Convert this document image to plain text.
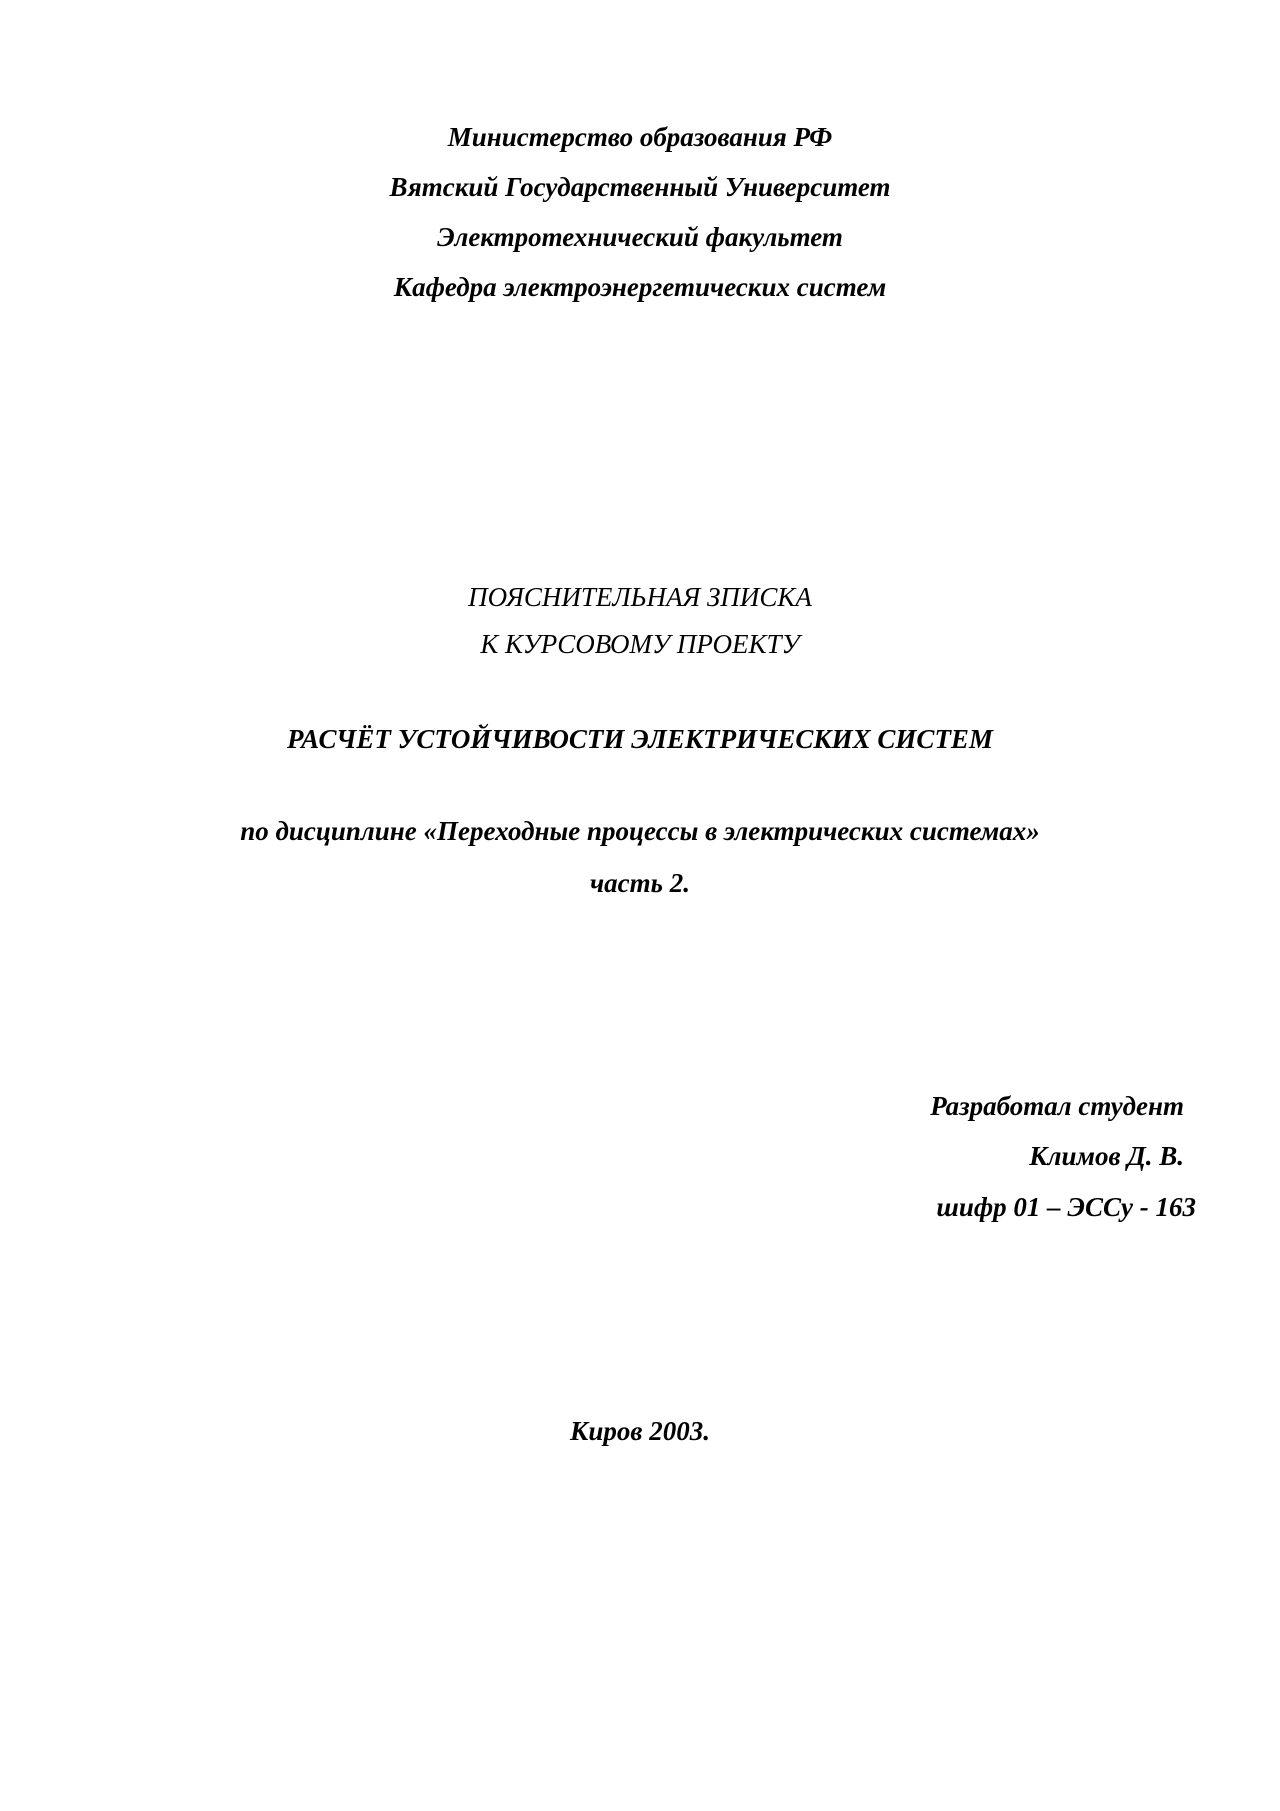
Министерство образования РФ
Вятский Государственный Университет
Электротехнический факультет
Кафедра электроэнергетических систем
ПОЯСНИТЕЛЬНАЯ ЗПИСКА
К КУРСОВОМУ ПРОЕКТУ
РАСЧЁТ УСТОЙЧИВОСТИ ЭЛЕКТРИЧЕСКИХ СИСТЕМ
по дисциплине «Переходные процессы в электрических системах»
часть 2.
Разработал студент
Климов Д. В.
шифр 01 – ЭССу - 163
Киров 2003.
